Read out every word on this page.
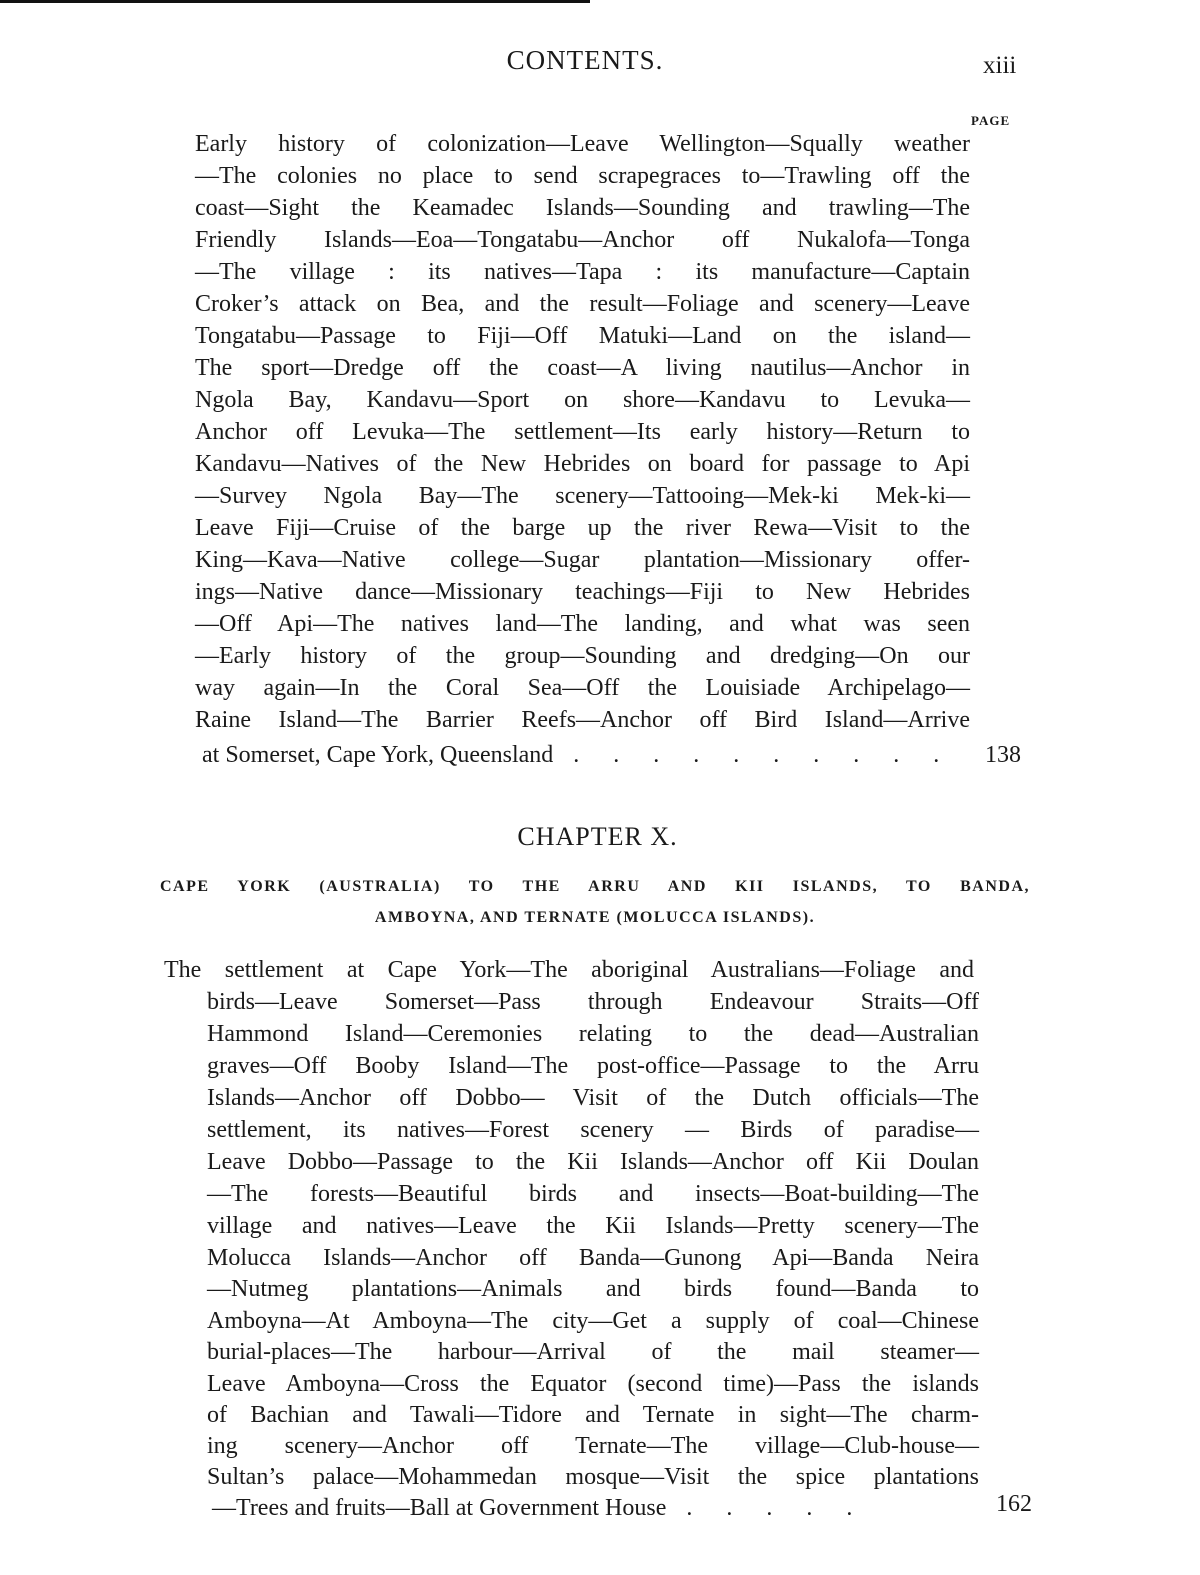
CONTENTS.	xiii
PAGE
Early history of colonization—Leave Wellington—Squally weather
—The colonies no place to send scrapegraces to—Trawling off the
coast—Sight the Keamadec Islands—Sounding and trawling—The
Friendly Islands—Eoa—Tongatabu—Anchor off Nukalofa—Tonga
—The village : its natives—Tapa : its manufacture—Captain
Croker’s attack on Bea, and the result—Foliage and scenery—Leave
Tongatabu—Passage to Fiji—Off Matuki—Land on the island—
The sport—Dredge off the coast—A living nautilus—Anchor in
Ngola Bay, Kandavu—Sport on shore—Kandavu to Levuka—
Anchor off Levuka—The settlement—Its early history—Return to
Kandavu—Natives of the New Hebrides on board for passage to Api
—Survey Ngola Bay—The scenery—Tattooing—Mek-ki Mek-ki—
Leave Fiji—Cruise of the barge up the river Rewa—Visit to the
King—Kava—Native college—Sugar plantation—Missionary offer-
ings—Native dance—Missionary teachings—Fiji to New Hebrides
—Off Api—The natives land—The landing, and what was seen
—Early history of the group—Sounding and dredging—On our
way again—In the Coral Sea—Off the Louisiade Archipelago—
Raine Island—The Barrier Reefs—Anchor off Bird Island—Arrive
at Somerset, Cape York, Queensland . . . . . . . . . .	138
CHAPTER X.
CAPE YORK (AUSTRALIA) TO THE ARRU AND KII ISLANDS, TO BANDA,
AMBOYNA, AND TERNATE (MOLUCCA ISLANDS).
The settlement at Cape York—The aboriginal Australians—Foliage and
birds—Leave Somerset—Pass through Endeavour Straits—Off
Hammond Island—Ceremonies relating to the dead—Australian
graves—Off Booby Island—The post-office—Passage to the Arru
Islands—Anchor off Dobbo— Visit of the Dutch officials—The
settlement, its natives—Forest scenery — Birds of paradise—
Leave Dobbo—Passage to the Kii Islands—Anchor off Kii Doulan
—The forests—Beautiful birds and insects—Boat-building—The
village and natives—Leave the Kii Islands—Pretty scenery—The
Molucca Islands—Anchor off Banda—Gunong Api—Banda Neira
—Nutmeg plantations—Animals and birds found—Banda to
Amboyna—At Amboyna—The city—Get a supply of coal—Chinese
burial-places—The harbour—Arrival of the mail steamer—
Leave Amboyna—Cross the Equator (second time)—Pass the islands
of Bachian and Tawali—Tidore and Ternate in sight—The charm-
ing scenery—Anchor off Ternate—The village—Club-house—
Sultan’s palace—Mohammedan mosque—Visit the spice plantations
—Trees and fruits—Ball at Government House . . . . .	162
